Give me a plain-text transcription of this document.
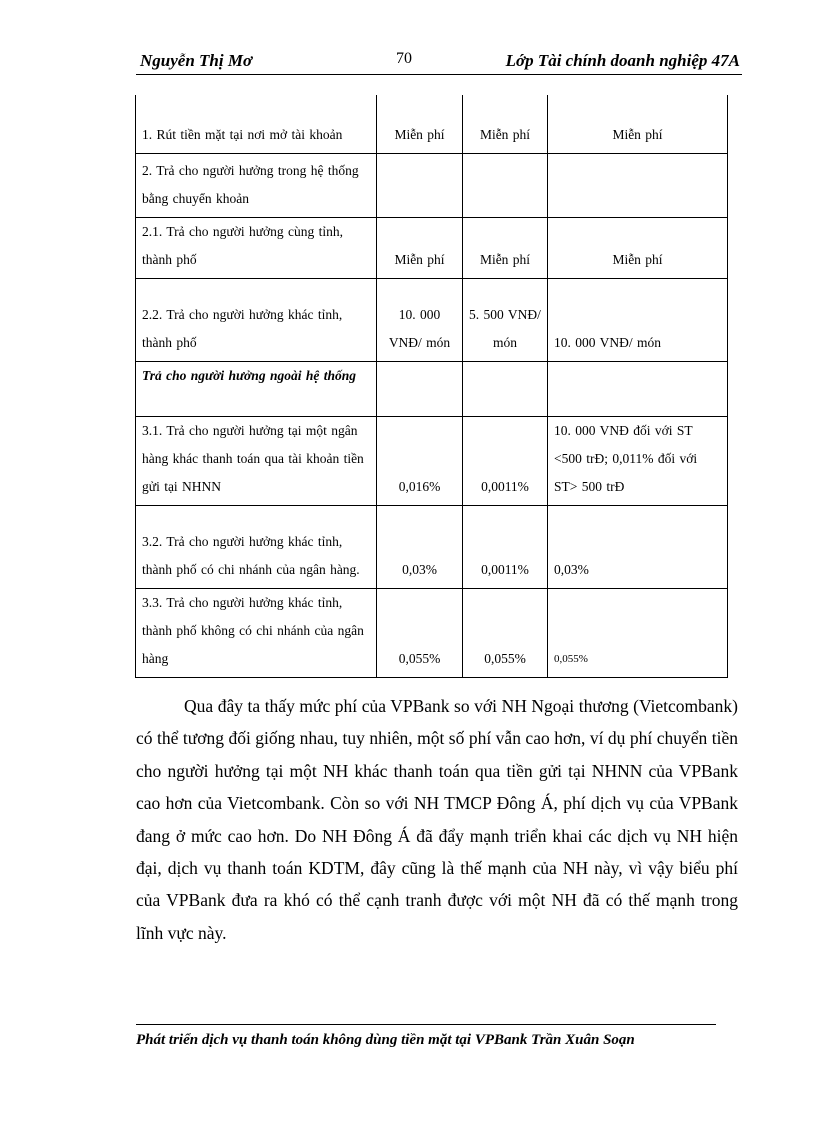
Nguyễn Thị Mơ	70	Lớp Tài chính doanh nghiệp 47A
1. Rút tiền mặt tại nơi mở tài khoản	Miễn phí	Miễn phí	Miễn phí
2. Trả cho người hưởng trong hệ thống bằng chuyển khoản			
2.1. Trả cho người hưởng cùng tỉnh, thành phố	Miễn phí	Miễn phí	Miễn phí
2.2. Trả cho người hưởng khác tỉnh, thành phố	10. 000 VNĐ/ món	5. 500 VNĐ/ món	10. 000 VNĐ/ món
Trả cho người hưởng ngoài hệ thống			
3.1. Trả cho người hưởng tại một ngân hàng khác thanh toán qua tài khoản tiền gửi tại NHNN	0,016%	0,0011%	10. 000 VNĐ đối với ST <500 trĐ; 0,011% đối với ST> 500 trĐ
3.2. Trả cho người hưởng khác tỉnh, thành phố có chi nhánh của ngân hàng.	0,03%	0,0011%	0,03%
3.3. Trả cho người hưởng khác tỉnh, thành phố không có chi nhánh của ngân hàng	0,055%	0,055%	0,055%

Qua đây ta thấy mức phí của VPBank so với NH Ngoại thương (Vietcombank) có thể tương đối giống nhau, tuy nhiên, một số phí vẫn cao hơn, ví dụ phí chuyển tiền cho người hưởng tại một NH khác thanh toán qua tiền gửi tại NHNN của VPBank cao hơn của Vietcombank. Còn so với NH TMCP Đông Á, phí dịch vụ của VPBank đang ở mức cao hơn. Do NH Đông Á đã đẩy mạnh triển khai các dịch vụ NH hiện đại, dịch vụ thanh toán KDTM, đây cũng là thế mạnh của NH này, vì vậy biểu phí của VPBank đưa ra khó có thể cạnh tranh được với một NH đã có thế mạnh trong lĩnh vực này.

Phát triển dịch vụ thanh toán không dùng tiền mặt tại VPBank Trần Xuân Soạn
